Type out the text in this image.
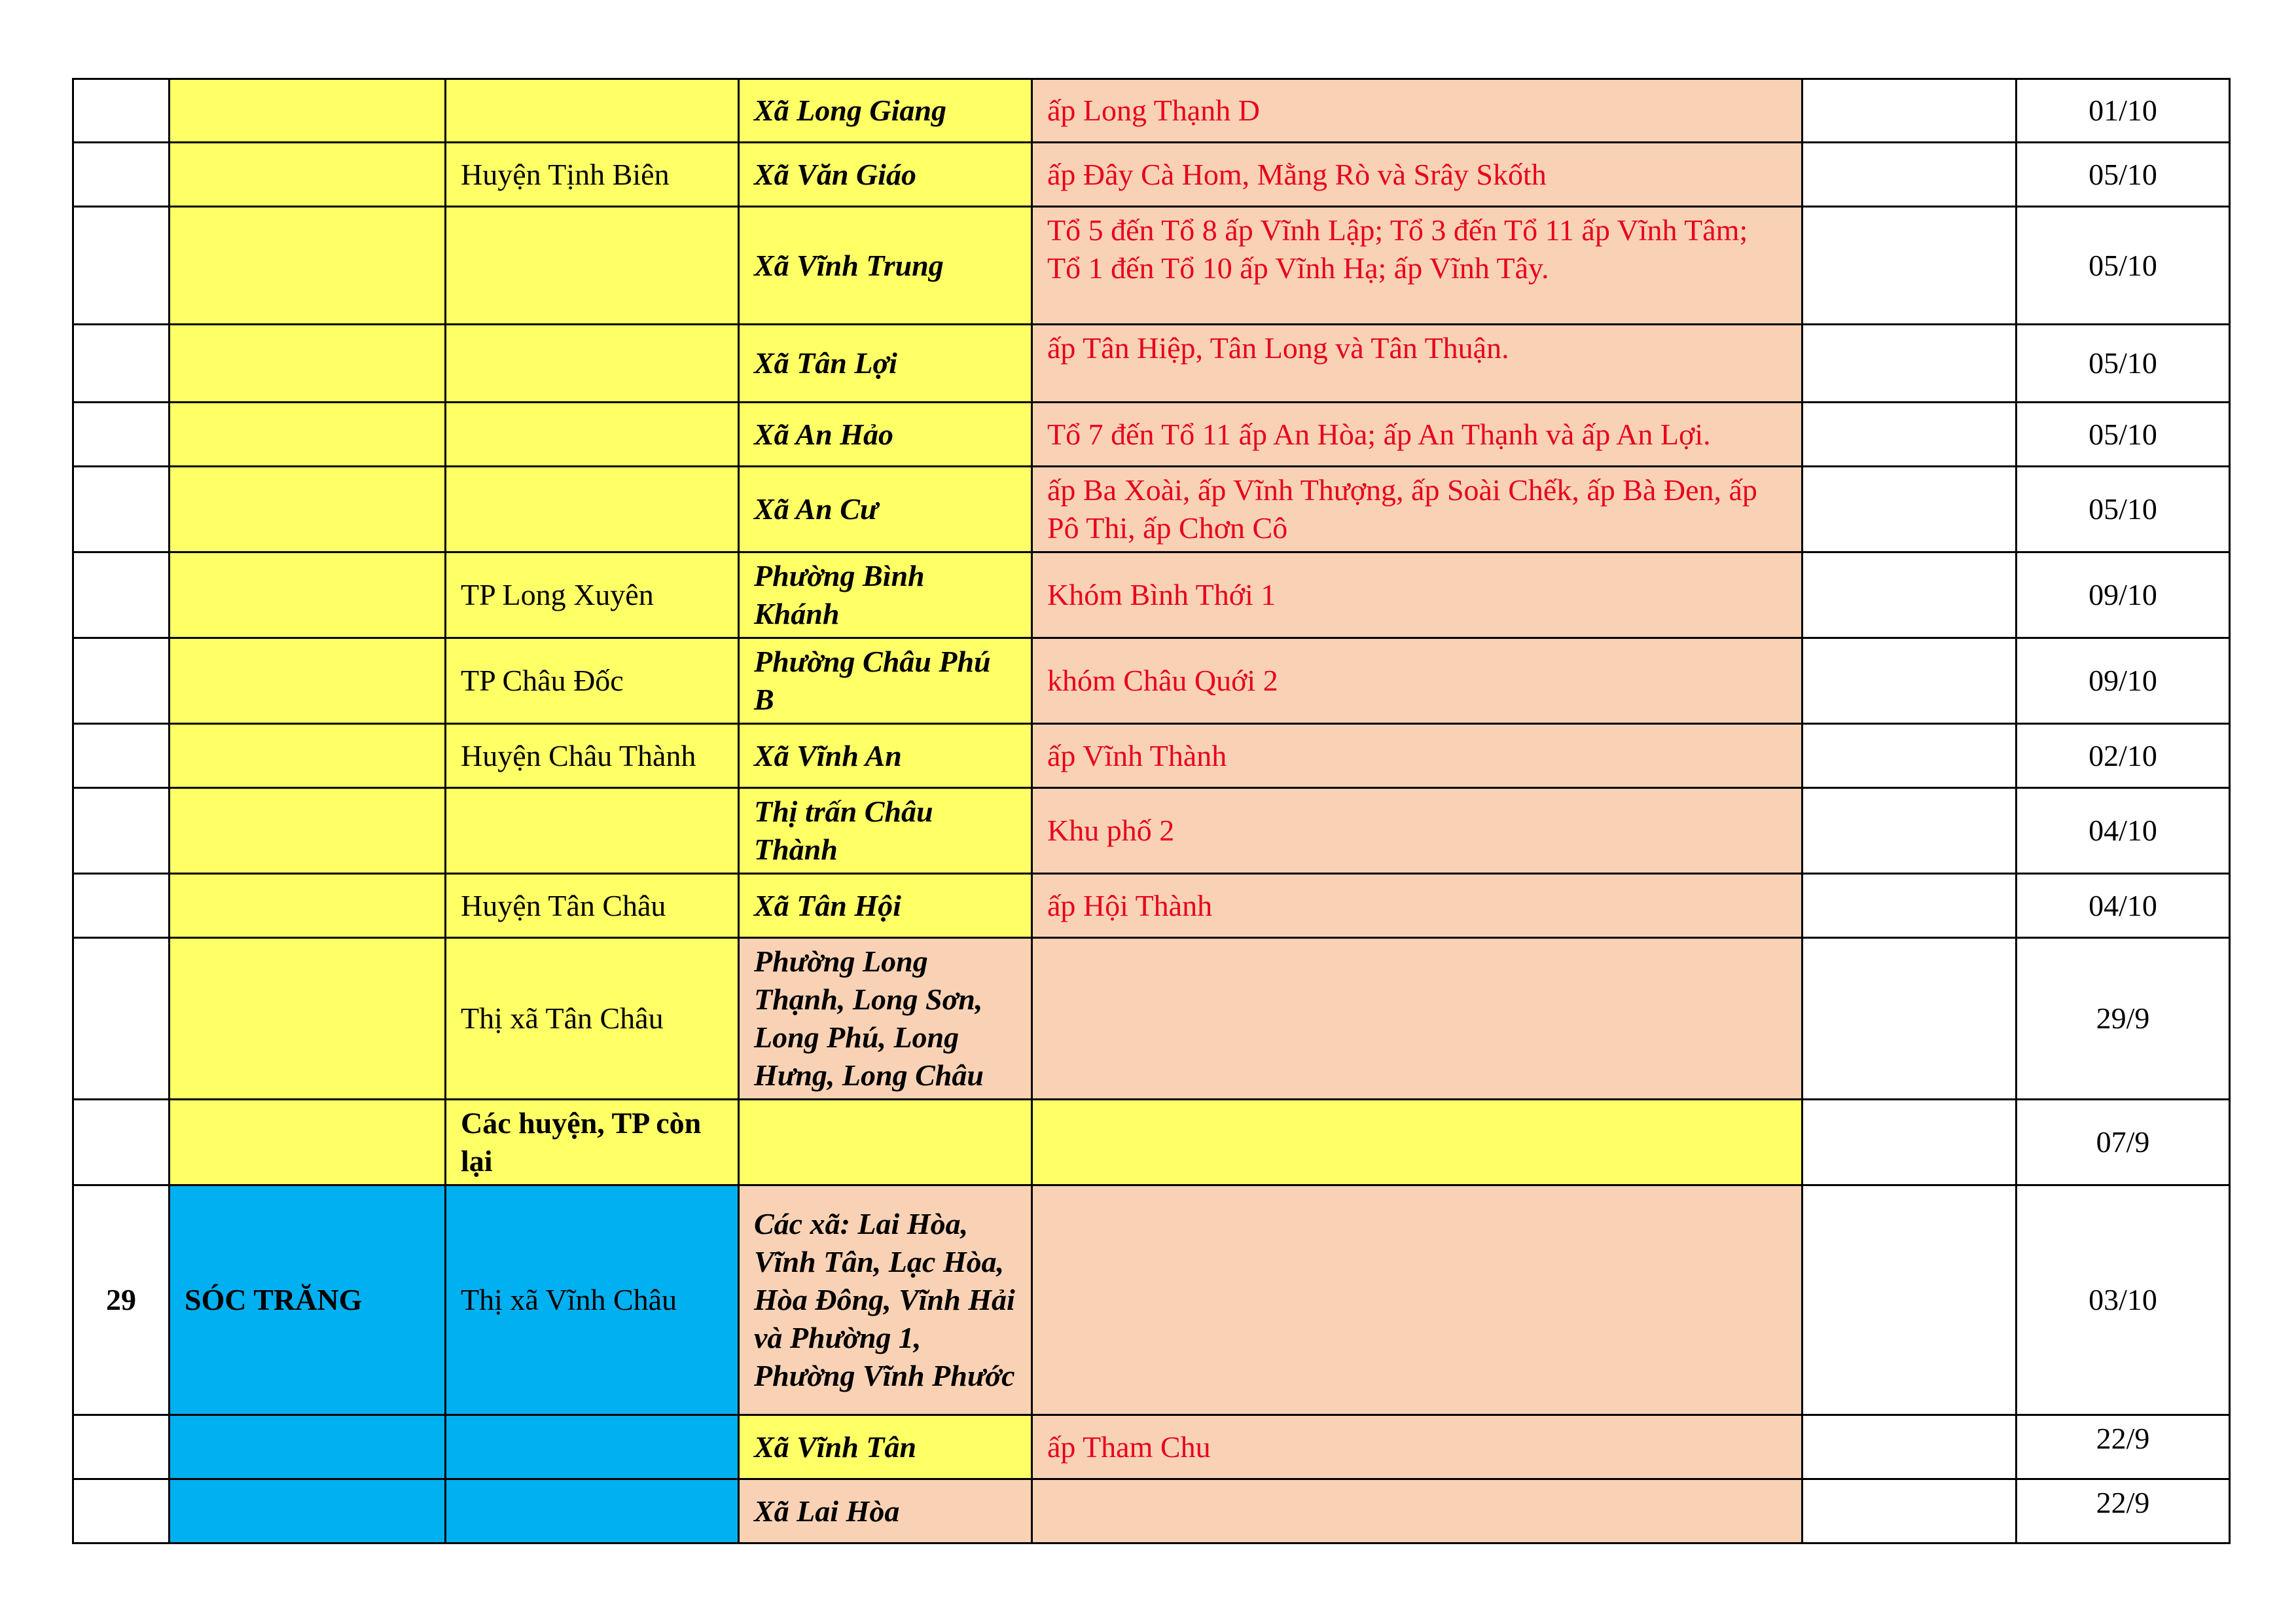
			Xã Long Giang	ấp Long Thạnh D		01/10
		Huyện Tịnh Biên	Xã Văn Giáo	ấp Đây Cà Hom, Mằng Rò và Srây Skốth		05/10
			Xã Vĩnh Trung	Tổ 5 đến Tổ 8 ấp Vĩnh Lập; Tổ 3 đến Tổ 11 ấp Vĩnh Tâm; Tổ 1 đến Tổ 10 ấp Vĩnh Hạ; ấp Vĩnh Tây.		05/10
			Xã Tân Lợi	ấp Tân Hiệp, Tân Long và Tân Thuận.		05/10
			Xã An Hảo	Tổ 7 đến Tổ 11 ấp An Hòa; ấp An Thạnh và ấp An Lợi.		05/10
			Xã An Cư	ấp Ba Xoài, ấp Vĩnh Thượng, ấp Soài Chếk, ấp Bà Đen, ấp Pô Thi, ấp Chơn Cô		05/10
		TP Long Xuyên	Phường Bình Khánh	Khóm Bình Thới 1		09/10
		TP Châu Đốc	Phường Châu Phú B	khóm Châu Quới 2		09/10
		Huyện Châu Thành	Xã Vĩnh An	ấp Vĩnh Thành		02/10
			Thị trấn Châu Thành	Khu phố 2		04/10
		Huyện Tân Châu	Xã Tân Hội	ấp Hội Thành		04/10
		Thị xã Tân Châu	Phường Long Thạnh, Long Sơn, Long Phú, Long Hưng, Long Châu			29/9
		Các huyện, TP còn lại				07/9
29	SÓC TRĂNG	Thị xã Vĩnh Châu	Các xã: Lai Hòa, Vĩnh Tân, Lạc Hòa, Hòa Đông, Vĩnh Hải và Phường 1, Phường Vĩnh Phước			03/10
			Xã Vĩnh Tân	ấp Tham Chu		22/9
			Xã Lai Hòa			22/9
